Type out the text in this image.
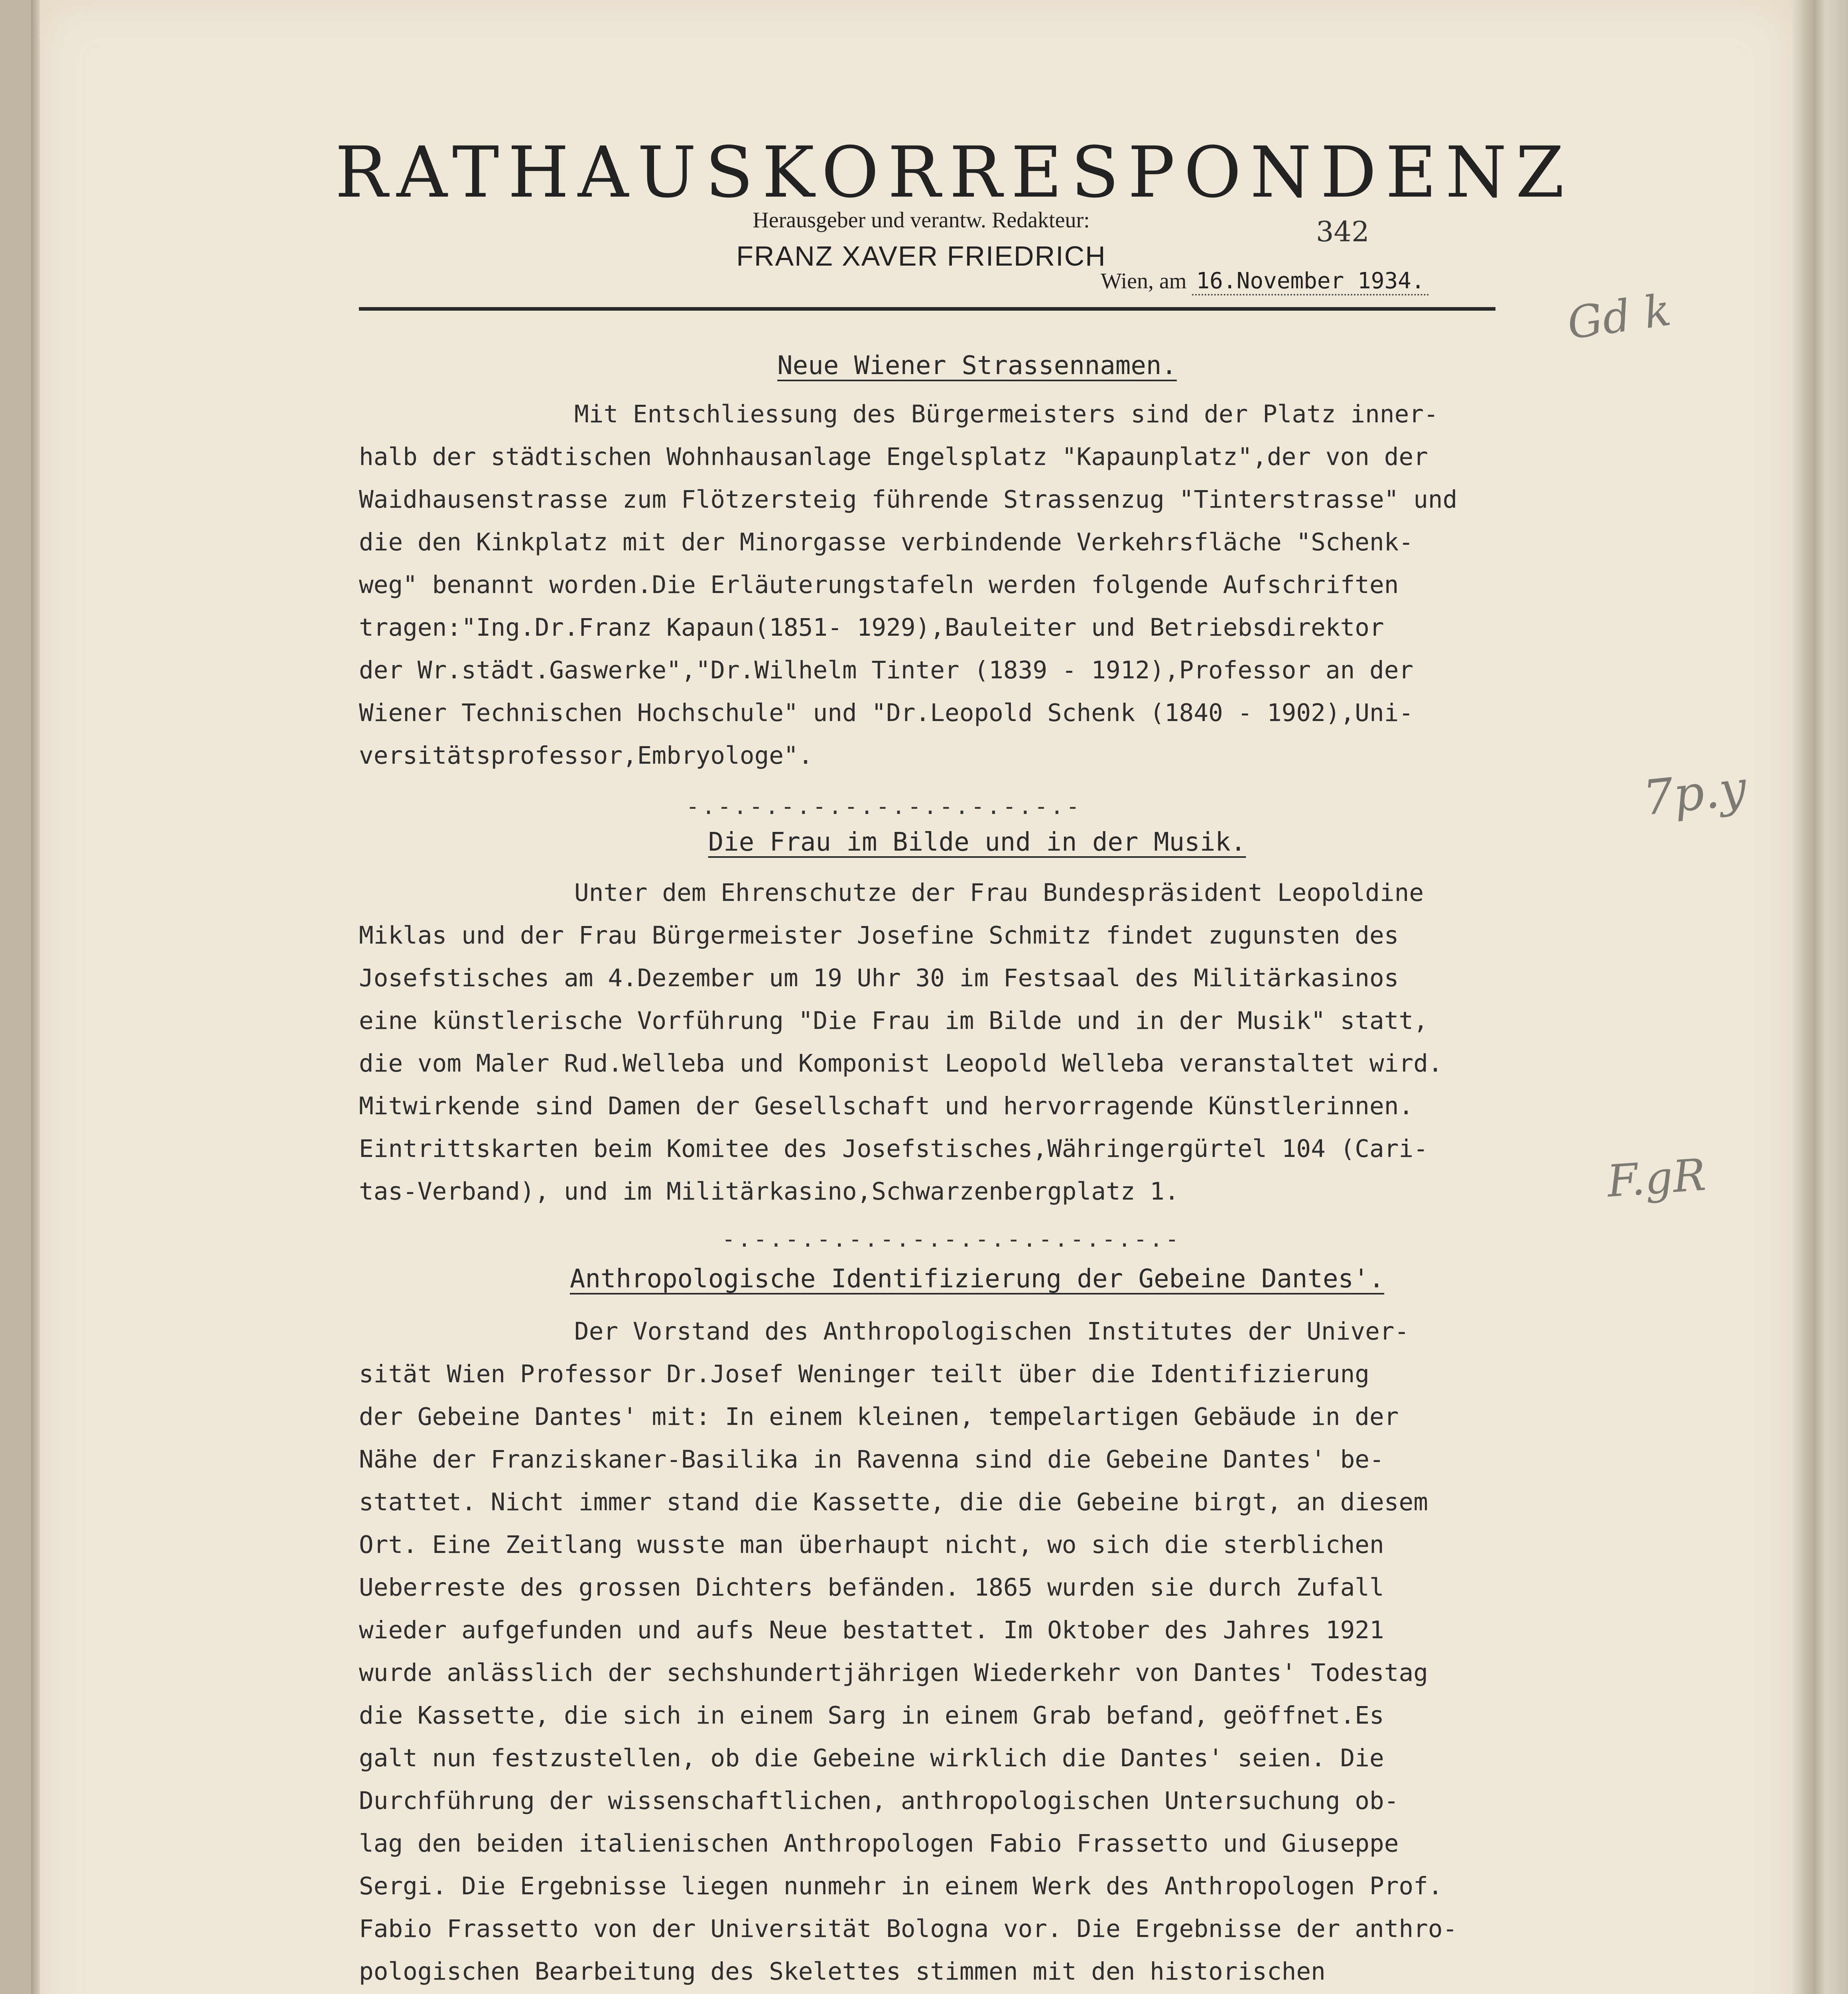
RATHAUSKORRESPONDENZ
Herausgeber und verantw. Redakteur:
FRANZ XAVER FRIEDRICH
342
Wien, am 16.November 1934.
Gd k
7p.y
F.gR
Neue Wiener Strassennamen.
Mit Entschliessung des Bürgermeisters sind der Platz inner-
halb der städtischen Wohnhausanlage Engelsplatz "Kapaunplatz",der von der
Waidhausenstrasse zum Flötzersteig führende Strassenzug "Tinterstrasse" und
die den Kinkplatz mit der Minorgasse verbindende Verkehrsfläche "Schenk-
weg" benannt worden.Die Erläuterungstafeln werden folgende Aufschriften
tragen:"Ing.Dr.Franz Kapaun(1851- 1929),Bauleiter und Betriebsdirektor
der Wr.städt.Gaswerke","Dr.Wilhelm Tinter (1839 - 1912),Professor an der
Wiener Technischen Hochschule" und "Dr.Leopold Schenk (1840 - 1902),Uni-
versitätsprofessor,Embryologe".
-.-.-.-.-.-.-.-.-.-.-.-.-
Die Frau im Bilde und in der Musik.
Unter dem Ehrenschutze der Frau Bundespräsident Leopoldine
Miklas und der Frau Bürgermeister Josefine Schmitz findet zugunsten des
Josefstisches am 4.Dezember um 19 Uhr 30 im Festsaal des Militärkasinos
eine künstlerische Vorführung "Die Frau im Bilde und in der Musik" statt,
die vom Maler Rud.Welleba und Komponist Leopold Welleba veranstaltet wird.
Mitwirkende sind Damen der Gesellschaft und hervorragende Künstlerinnen.
Eintrittskarten beim Komitee des Josefstisches,Währingergürtel 104 (Cari-
tas-Verband), und im Militärkasino,Schwarzenbergplatz 1.
-.-.-.-.-.-.-.-.-.-.-.-.-.-.-
Anthropologische Identifizierung der Gebeine Dantes'.
Der Vorstand des Anthropologischen Institutes der Univer-
sität Wien Professor Dr.Josef Weninger teilt über die Identifizierung
der Gebeine Dantes' mit: In einem kleinen, tempelartigen Gebäude in der
Nähe der Franziskaner-Basilika in Ravenna sind die Gebeine Dantes' be-
stattet. Nicht immer stand die Kassette, die die Gebeine birgt, an diesem
Ort. Eine Zeitlang wusste man überhaupt nicht, wo sich die sterblichen
Ueberreste des grossen Dichters befänden. 1865 wurden sie durch Zufall
wieder aufgefunden und aufs Neue bestattet. Im Oktober des Jahres 1921
wurde anlässlich der sechshundertjährigen Wiederkehr von Dantes' Todestag
die Kassette, die sich in einem Sarg in einem Grab befand, geöffnet.Es
galt nun festzustellen, ob die Gebeine wirklich die Dantes' seien. Die
Durchführung der wissenschaftlichen, anthropologischen Untersuchung ob-
lag den beiden italienischen Anthropologen Fabio Frassetto und Giuseppe
Sergi. Die Ergebnisse liegen nunmehr in einem Werk des Anthropologen Prof.
Fabio Frassetto von der Universität Bologna vor. Die Ergebnisse der anthro-
pologischen Bearbeitung des Skelettes stimmen mit den historischen
